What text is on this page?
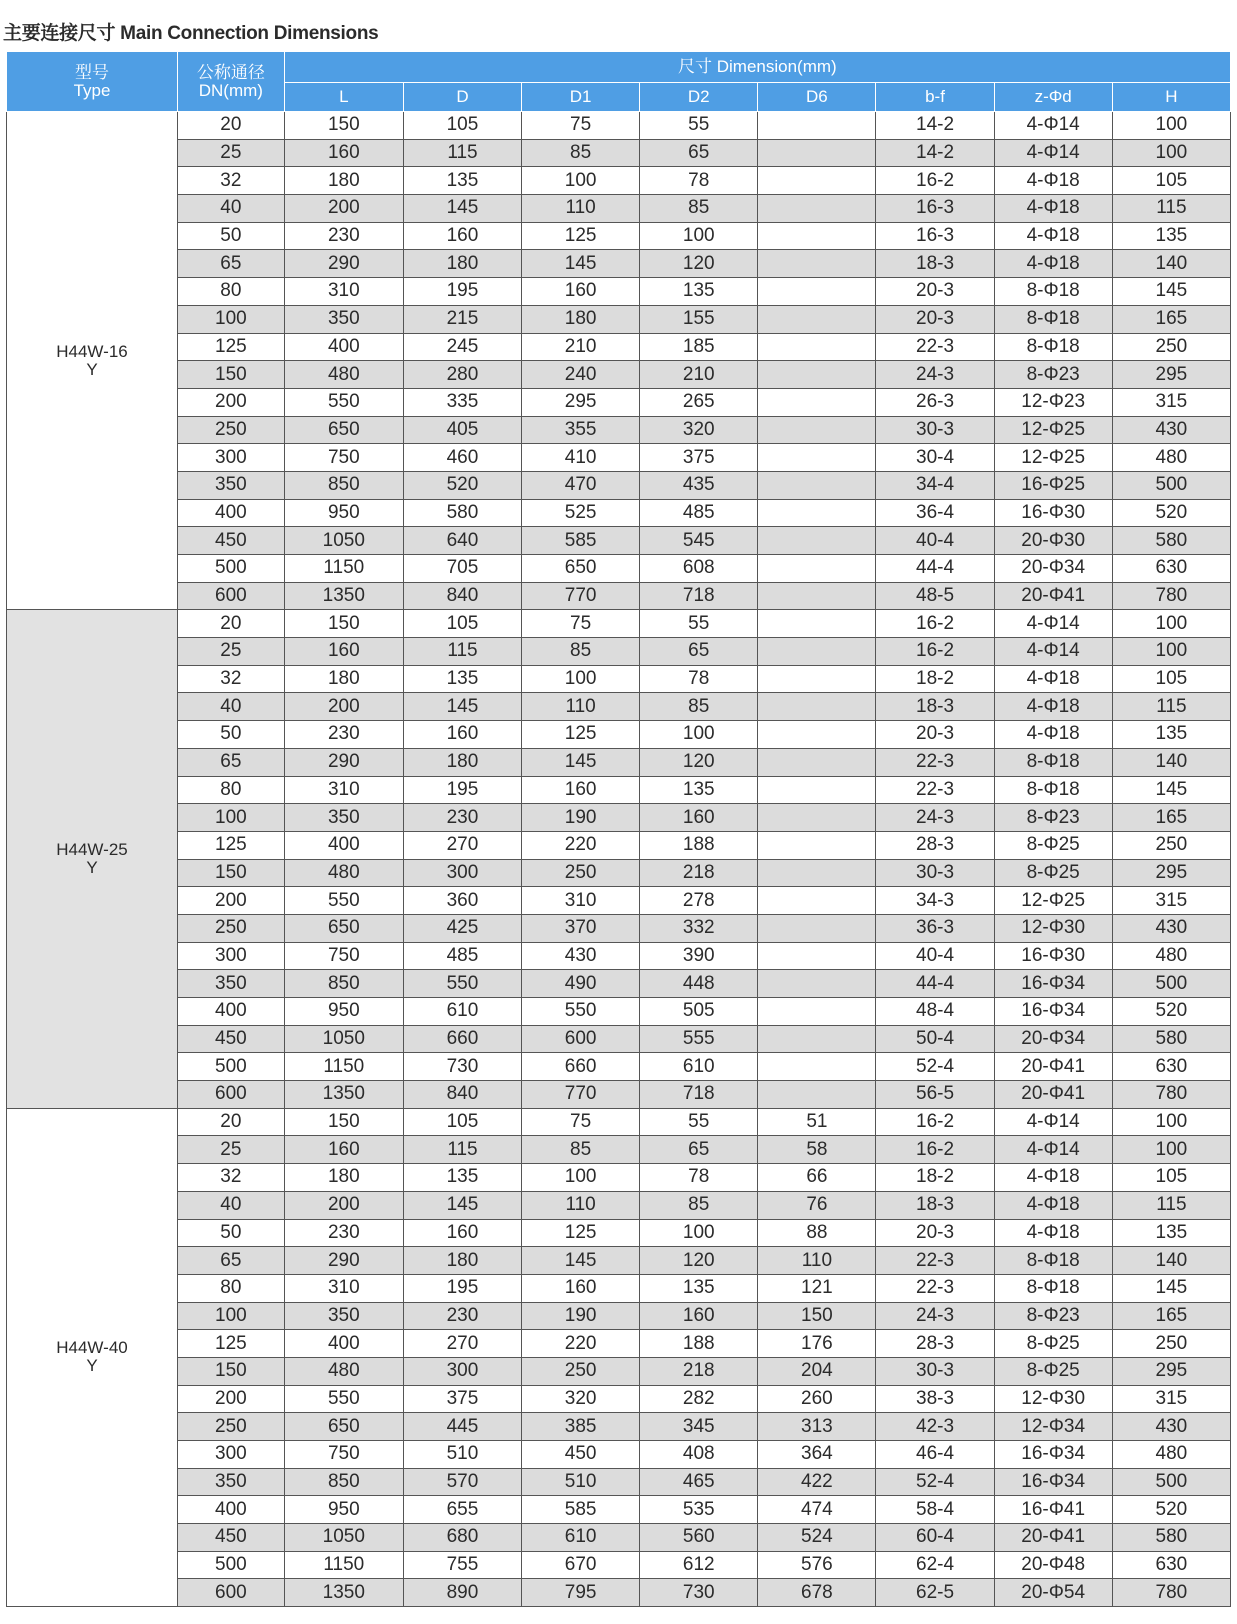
主要连接尺寸 Main Connection Dimensions
型号
Type	公称通径
DN(mm)	尺寸 Dimension(mm)							
		L	D	D1	D2	D6	b-f	z-Φd	H

H44W-16
Y	20	150	105	75	55		14-2	4-Φ14	100
	25	160	115	85	65		14-2	4-Φ14	100
	32	180	135	100	78		16-2	4-Φ18	105
	40	200	145	110	85		16-3	4-Φ18	115
	50	230	160	125	100		16-3	4-Φ18	135
	65	290	180	145	120		18-3	4-Φ18	140
	80	310	195	160	135		20-3	8-Φ18	145
	100	350	215	180	155		20-3	8-Φ18	165
	125	400	245	210	185		22-3	8-Φ18	250
	150	480	280	240	210		24-3	8-Φ23	295
	200	550	335	295	265		26-3	12-Φ23	315
	250	650	405	355	320		30-3	12-Φ25	430
	300	750	460	410	375		30-4	12-Φ25	480
	350	850	520	470	435		34-4	16-Φ25	500
	400	950	580	525	485		36-4	16-Φ30	520
	450	1050	640	585	545		40-4	20-Φ30	580
	500	1150	705	650	608		44-4	20-Φ34	630
	600	1350	840	770	718		48-5	20-Φ41	780

H44W-25
Y	20	150	105	75	55		16-2	4-Φ14	100
	25	160	115	85	65		16-2	4-Φ14	100
	32	180	135	100	78		18-2	4-Φ18	105
	40	200	145	110	85		18-3	4-Φ18	115
	50	230	160	125	100		20-3	4-Φ18	135
	65	290	180	145	120		22-3	8-Φ18	140
	80	310	195	160	135		22-3	8-Φ18	145
	100	350	230	190	160		24-3	8-Φ23	165
	125	400	270	220	188		28-3	8-Φ25	250
	150	480	300	250	218		30-3	8-Φ25	295
	200	550	360	310	278		34-3	12-Φ25	315
	250	650	425	370	332		36-3	12-Φ30	430
	300	750	485	430	390		40-4	16-Φ30	480
	350	850	550	490	448		44-4	16-Φ34	500
	400	950	610	550	505		48-4	16-Φ34	520
	450	1050	660	600	555		50-4	20-Φ34	580
	500	1150	730	660	610		52-4	20-Φ41	630
	600	1350	840	770	718		56-5	20-Φ41	780

H44W-40
Y	20	150	105	75	55	51	16-2	4-Φ14	100
	25	160	115	85	65	58	16-2	4-Φ14	100
	32	180	135	100	78	66	18-2	4-Φ18	105
	40	200	145	110	85	76	18-3	4-Φ18	115
	50	230	160	125	100	88	20-3	4-Φ18	135
	65	290	180	145	120	110	22-3	8-Φ18	140
	80	310	195	160	135	121	22-3	8-Φ18	145
	100	350	230	190	160	150	24-3	8-Φ23	165
	125	400	270	220	188	176	28-3	8-Φ25	250
	150	480	300	250	218	204	30-3	8-Φ25	295
	200	550	375	320	282	260	38-3	12-Φ30	315
	250	650	445	385	345	313	42-3	12-Φ34	430
	300	750	510	450	408	364	46-4	16-Φ34	480
	350	850	570	510	465	422	52-4	16-Φ34	500
	400	950	655	585	535	474	58-4	16-Φ41	520
	450	1050	680	610	560	524	60-4	20-Φ41	580
	500	1150	755	670	612	576	62-4	20-Φ48	630
	600	1350	890	795	730	678	62-5	20-Φ54	780
